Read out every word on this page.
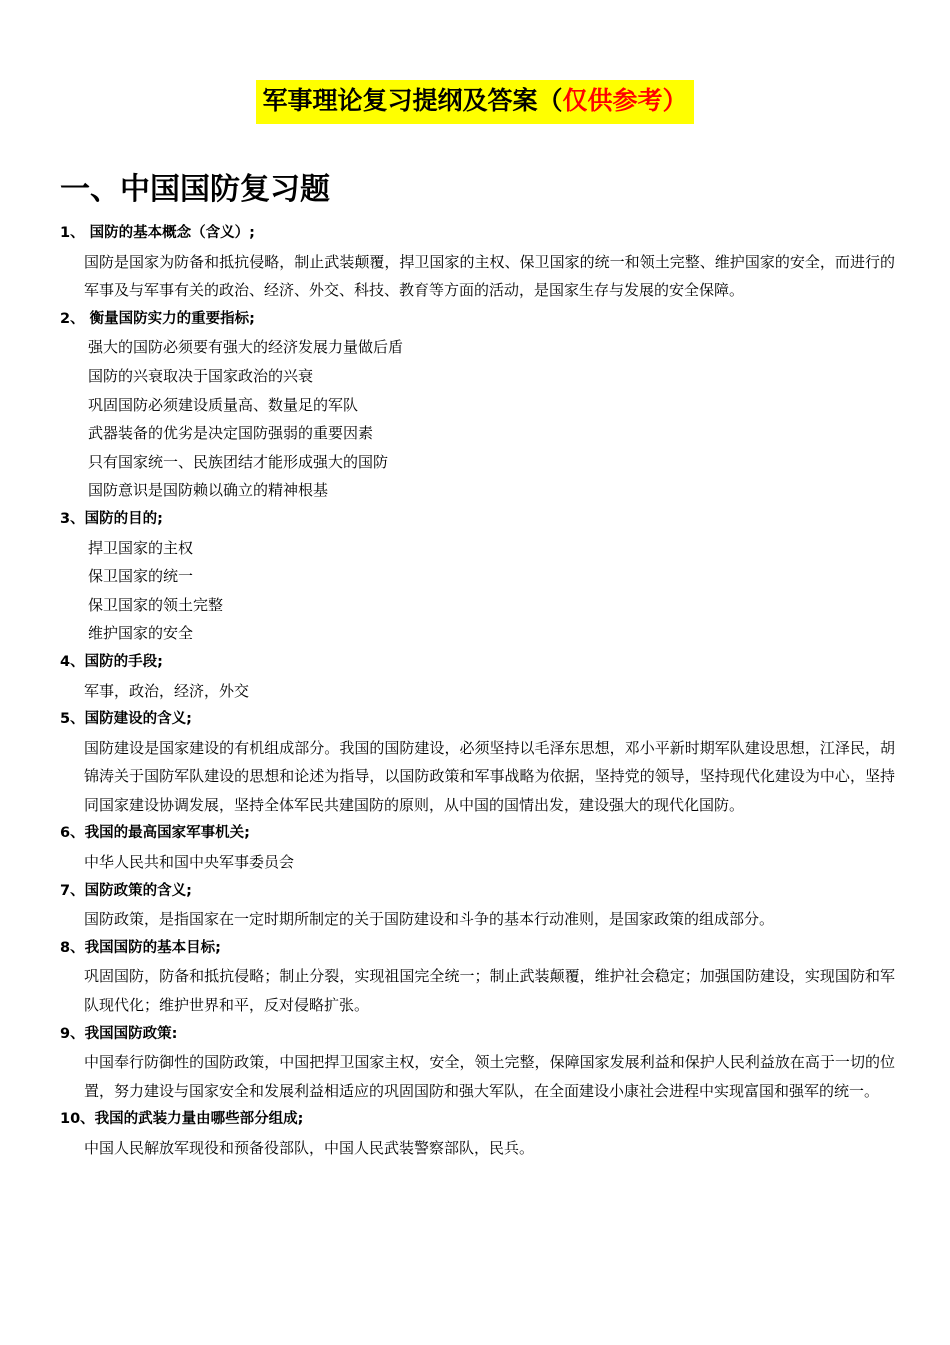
军事理论复习提纲及答案（仅供参考）
一、中国国防复习题

1、 国防的基本概念（含义）;

国防是国家为防备和抵抗侵略，制止武装颠覆，捍卫国家的主权、保卫国家的统一和领土完整、维护国家的安全，而进行的军事及与军事有关的政治、经济、外交、科技、教育等方面的活动，是国家生存与发展的安全保障。

2、 衡量国防实力的重要指标;

强大的国防必须要有强大的经济发展力量做后盾
国防的兴衰取决于国家政治的兴衰
巩固国防必须建设质量高、数量足的军队
武器装备的优劣是决定国防强弱的重要因素
只有国家统一、民族团结才能形成强大的国防
国防意识是国防赖以确立的精神根基

3、国防的目的;

捍卫国家的主权
保卫国家的统一
保卫国家的领土完整
维护国家的安全

4、国防的手段;

军事，政治，经济，外交

5、国防建设的含义;

国防建设是国家建设的有机组成部分。我国的国防建设，必须坚持以毛泽东思想，邓小平新时期军队建设思想，江泽民，胡锦涛关于国防军队建设的思想和论述为指导，以国防政策和军事战略为依据，坚持党的领导，坚持现代化建设为中心，坚持同国家建设协调发展，坚持全体军民共建国防的原则，从中国的国情出发，建设强大的现代化国防。

6、我国的最高国家军事机关;

中华人民共和国中央军事委员会

7、国防政策的含义;

国防政策，是指国家在一定时期所制定的关于国防建设和斗争的基本行动准则，是国家政策的组成部分。

8、我国国防的基本目标;

巩固国防，防备和抵抗侵略；制止分裂，实现祖国完全统一；制止武装颠覆，维护社会稳定；加强国防建设，实现国防和军队现代化；维护世界和平，反对侵略扩张。

9、我国国防政策:

中国奉行防御性的国防政策，中国把捍卫国家主权，安全，领土完整，保障国家发展利益和保护人民利益放在高于一切的位置，努力建设与国家安全和发展利益相适应的巩固国防和强大军队，在全面建设小康社会进程中实现富国和强军的统一。

10、我国的武装力量由哪些部分组成;

中国人民解放军现役和预备役部队，中国人民武装警察部队，民兵。
